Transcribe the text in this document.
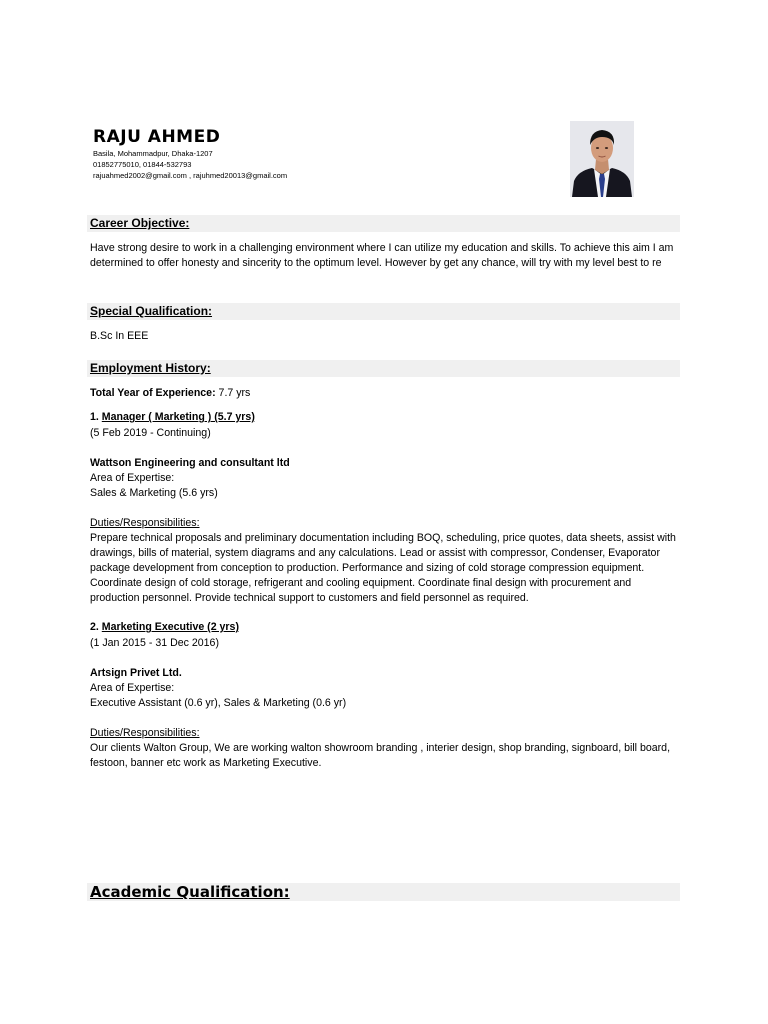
RAJU AHMED

Basila, Mohammadpur, Dhaka-1207

01852775010, 01844-532793

rajuahmed2002@gmail.com , rajuhmed20013@gmail.com

Career Objective:

Have strong desire to work in a challenging environment where I can utilize my education and skills. To achieve this aim I am determined to offer honesty and sincerity to the optimum level. However by get any chance, will try with my level best to re

Special Qualification:

B.Sc In EEE

Employment History:

Total Year of Experience: 7.7 yrs

1. Manager ( Marketing ) (5.7 yrs)

(5 Feb 2019 - Continuing)

Wattson Engineering and consultant ltd

Area of Expertise:

Sales & Marketing (5.6 yrs)

Duties/Responsibilities:

Prepare technical proposals and preliminary documentation including BOQ, scheduling, price quotes, data sheets, assist with drawings, bills of material, system diagrams and any calculations. Lead or assist with compressor, Condenser, Evaporator package development from conception to production. Performance and sizing of cold storage compression equipment. Coordinate design of cold storage, refrigerant and cooling equipment. Coordinate final design with procurement and production personnel. Provide technical support to customers and field personnel as required.

2. Marketing Executive (2 yrs)

(1 Jan 2015 - 31 Dec 2016)

Artsign Privet Ltd.

Area of Expertise:

Executive Assistant (0.6 yr), Sales & Marketing (0.6 yr)

Duties/Responsibilities:

Our clients Walton Group, We are working walton showroom branding , interier design, shop branding, signboard, bill board, festoon, banner etc work as Marketing Executive.

Academic Qualification:
